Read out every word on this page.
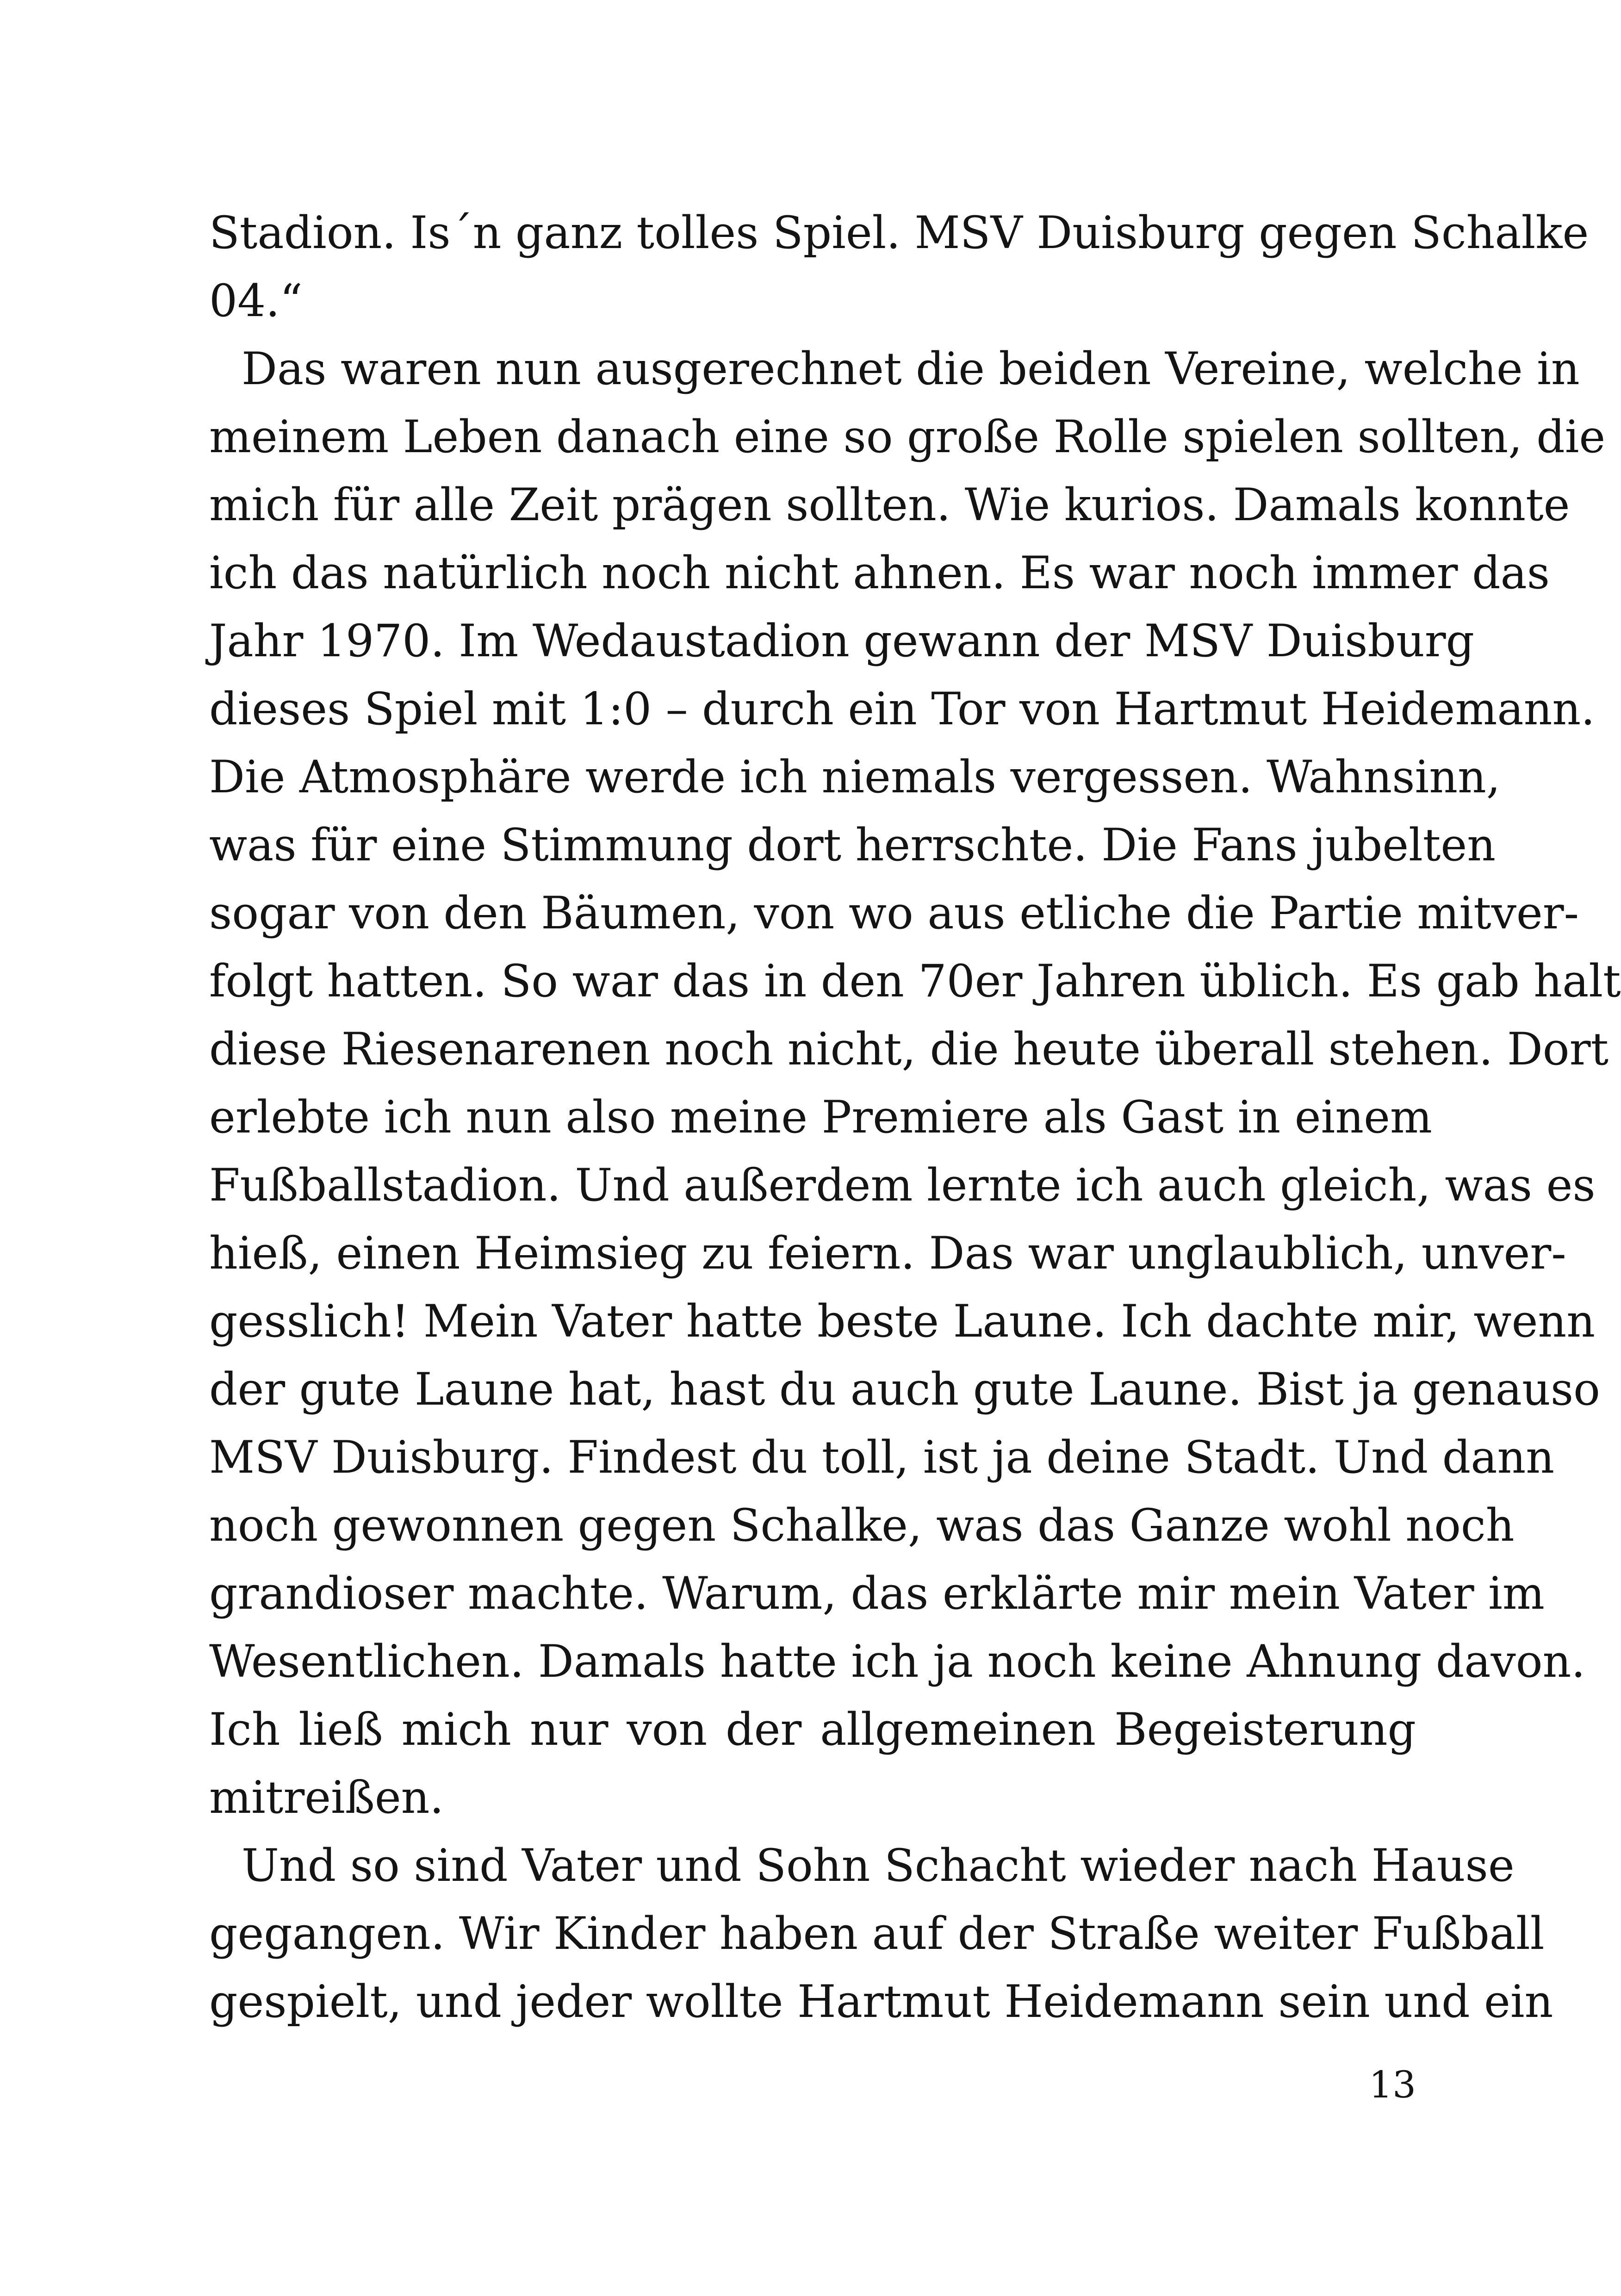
Stadion. Is´n ganz tolles Spiel. MSV Duisburg gegen Schalke
04.“
Das waren nun ausgerechnet die beiden Vereine, welche in
meinem Leben danach eine so große Rolle spielen sollten, die
mich für alle Zeit prägen sollten. Wie kurios. Damals konnte
ich das natürlich noch nicht ahnen. Es war noch immer das
Jahr 1970. Im Wedaustadion gewann der MSV Duisburg
dieses Spiel mit 1:0 – durch ein Tor von Hartmut Heidemann.
Die Atmosphäre werde ich niemals vergessen. Wahnsinn,
was für eine Stimmung dort herrschte. Die Fans jubelten
sogar von den Bäumen, von wo aus etliche die Partie mitver-
folgt hatten. So war das in den 70er Jahren üblich. Es gab halt
diese Riesenarenen noch nicht, die heute überall stehen. Dort
erlebte ich nun also meine Premiere als Gast in einem
Fußballstadion. Und außerdem lernte ich auch gleich, was es
hieß, einen Heimsieg zu feiern. Das war unglaublich, unver-
gesslich! Mein Vater hatte beste Laune. Ich dachte mir, wenn
der gute Laune hat, hast du auch gute Laune. Bist ja genauso
MSV Duisburg. Findest du toll, ist ja deine Stadt. Und dann
noch gewonnen gegen Schalke, was das Ganze wohl noch
grandioser machte. Warum, das erklärte mir mein Vater im
Wesentlichen. Damals hatte ich ja noch keine Ahnung davon.
Ich ließ mich nur von der allgemeinen Begeisterung
mitreißen.
Und so sind Vater und Sohn Schacht wieder nach Hause
gegangen. Wir Kinder haben auf der Straße weiter Fußball
gespielt, und jeder wollte Hartmut Heidemann sein und ein
13
